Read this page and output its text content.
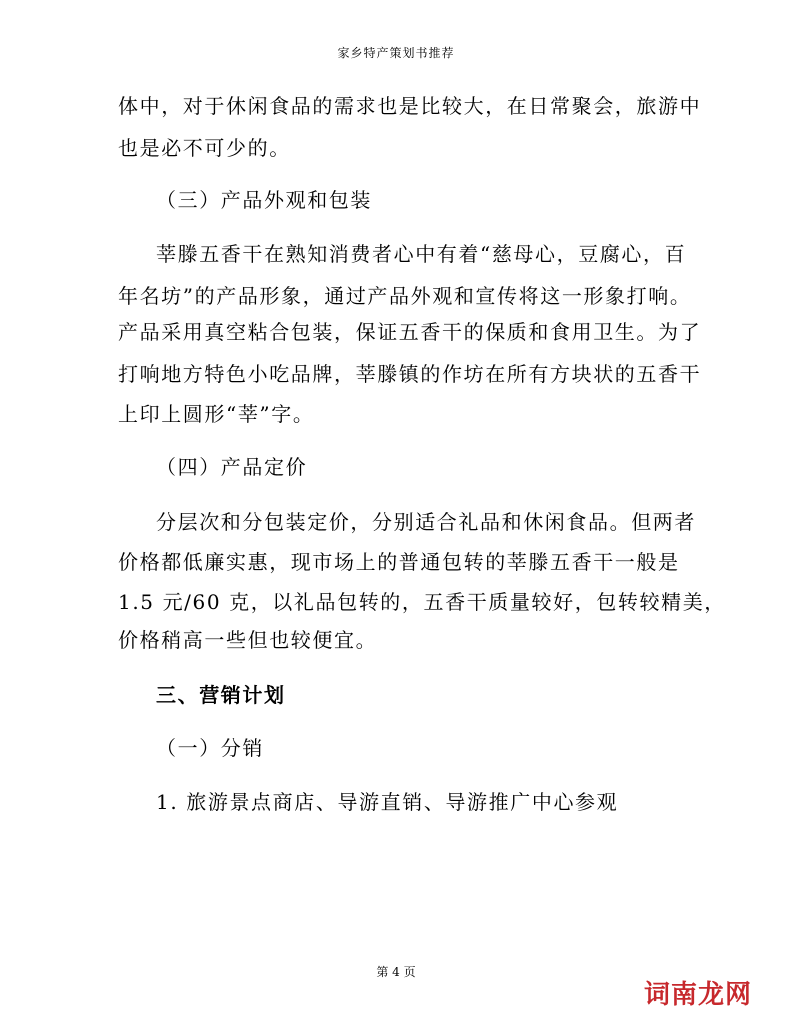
家乡特产策划书推荐

体中，对于休闲食品的需求也是比较大，在日常聚会，旅游中

也是必不可少的。

（三）产品外观和包装

莘滕五香干在熟知消费者心中有着“慈母心，豆腐心，百

年名坊”的产品形象，通过产品外观和宣传将这一形象打响。

产品采用真空粘合包装，保证五香干的保质和食用卫生。为了

打响地方特色小吃品牌，莘滕镇的作坊在所有方块状的五香干

上印上圆形“莘”字。

（四）产品定价

分层次和分包装定价，分别适合礼品和休闲食品。但两者

价格都低廉实惠，现市场上的普通包转的莘滕五香干一般是

1.5 元/60 克，以礼品包转的，五香干质量较好，包转较精美，

价格稍高一些但也较便宜。

三、营销计划

（一）分销

1. 旅游景点商店、导游直销、导游推广中心参观

第 4 页
词南龙网
